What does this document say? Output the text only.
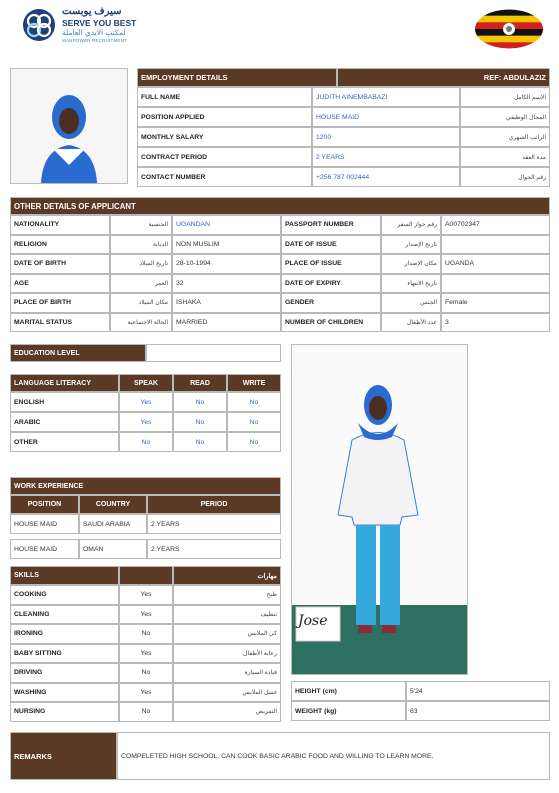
سيرف يوبست
SERVE YOU BEST
لمكتب الايدي العاملة
MANPOWER RECRUITMENT
EMPLOYMENT DETAILS	REF: ABDULAZIZ
FULL NAME	JUDITH AINEMBABAZI	الاسم الكامل
POSITION APPLIED	HOUSE MAID	المجال الوظيفي
MONTHLY SALARY	1200	الراتب الشهري
CONTRACT PERIOD	2 YEARS	مدة العقد
CONTACT NUMBER	+256 787 002444	رقم الجوال
OTHER DETAILS OF APPLICANT
NATIONALITY	الجنسية	UGANDAN	PASSPORT NUMBER	رقم جواز السفر	A00702347
RELIGION	الديانة	NON MUSLIM	DATE OF ISSUE	تاريخ الإصدار
DATE OF BIRTH	تاريخ الميلاد	28-10-1994	PLACE OF ISSUE	مكان الإصدار	UGANDA
AGE	العمر	32	DATE OF EXPIRY	تاريخ الانتهاء
PLACE OF BIRTH	مكان الميلاد	ISHAKA	GENDER	الجنس	Female
MARITAL STATUS	الحالة الاجتماعية	MARRIED	NUMBER OF CHILDREN	عدد الأطفال	3
EDUCATION LEVEL
LANGUAGE LITERACY	SPEAK	READ	WRITE
ENGLISH	Yes	No	No
ARABIC	Yes	No	No
OTHER	No	No	No
WORK EXPERIENCE
POSITION	COUNTRY	PERIOD
HOUSE MAID	SAUDI ARABIA	2 YEARS
HOUSE MAID	OMAN	2 YEARS
SKILLS	مهارات
COOKING	Yes	طبخ
CLEANING	Yes	تنظيف
IRONING	No	كي الملابس
BABY SITTING	Yes	رعاية الأطفال
DRIVING	No	قيادة السيارة
WASHING	Yes	غسل الملابس
NURSING	No	التمريض
Jose
HEIGHT (cm)	5'24
WEIGHT (kg)	63
REMARKS	COMPELETED HIGH SCHOOL. CAN COOK BASIC ARABIC FOOD AND WILLING TO LEARN MORE.
